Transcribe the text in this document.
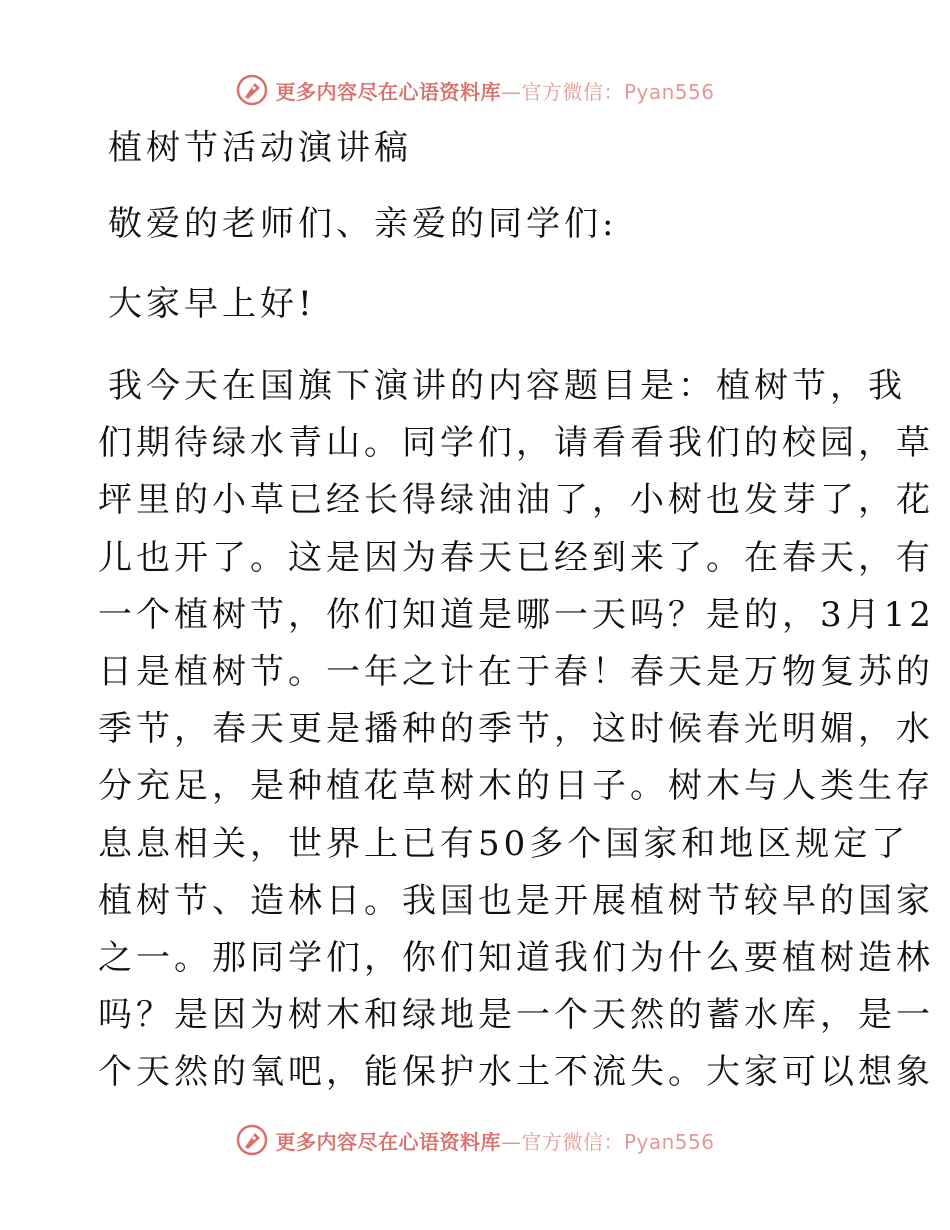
更多内容尽在心语资料库—官方微信：Pyan556

植树节活动演讲稿

敬爱的老师们、亲爱的同学们:

大家早上好!

我今天在国旗下演讲的内容题目是：植树节，我

们期待绿水青山。同学们，请看看我们的校园，草

坪里的小草已经长得绿油油了，小树也发芽了，花

儿也开了。这是因为春天已经到来了。在春天，有

一个植树节，你们知道是哪一天吗？是的，3月12

日是植树节。一年之计在于春！春天是万物复苏的

季节，春天更是播种的季节，这时候春光明媚，水

分充足，是种植花草树木的日子。树木与人类生存

息息相关，世界上已有50多个国家和地区规定了

植树节、造林日。我国也是开展植树节较早的国家

之一。那同学们，你们知道我们为什么要植树造林

吗？是因为树木和绿地是一个天然的蓄水库，是一

个天然的氧吧，能保护水土不流失。大家可以想象

更多内容尽在心语资料库—官方微信：Pyan556
